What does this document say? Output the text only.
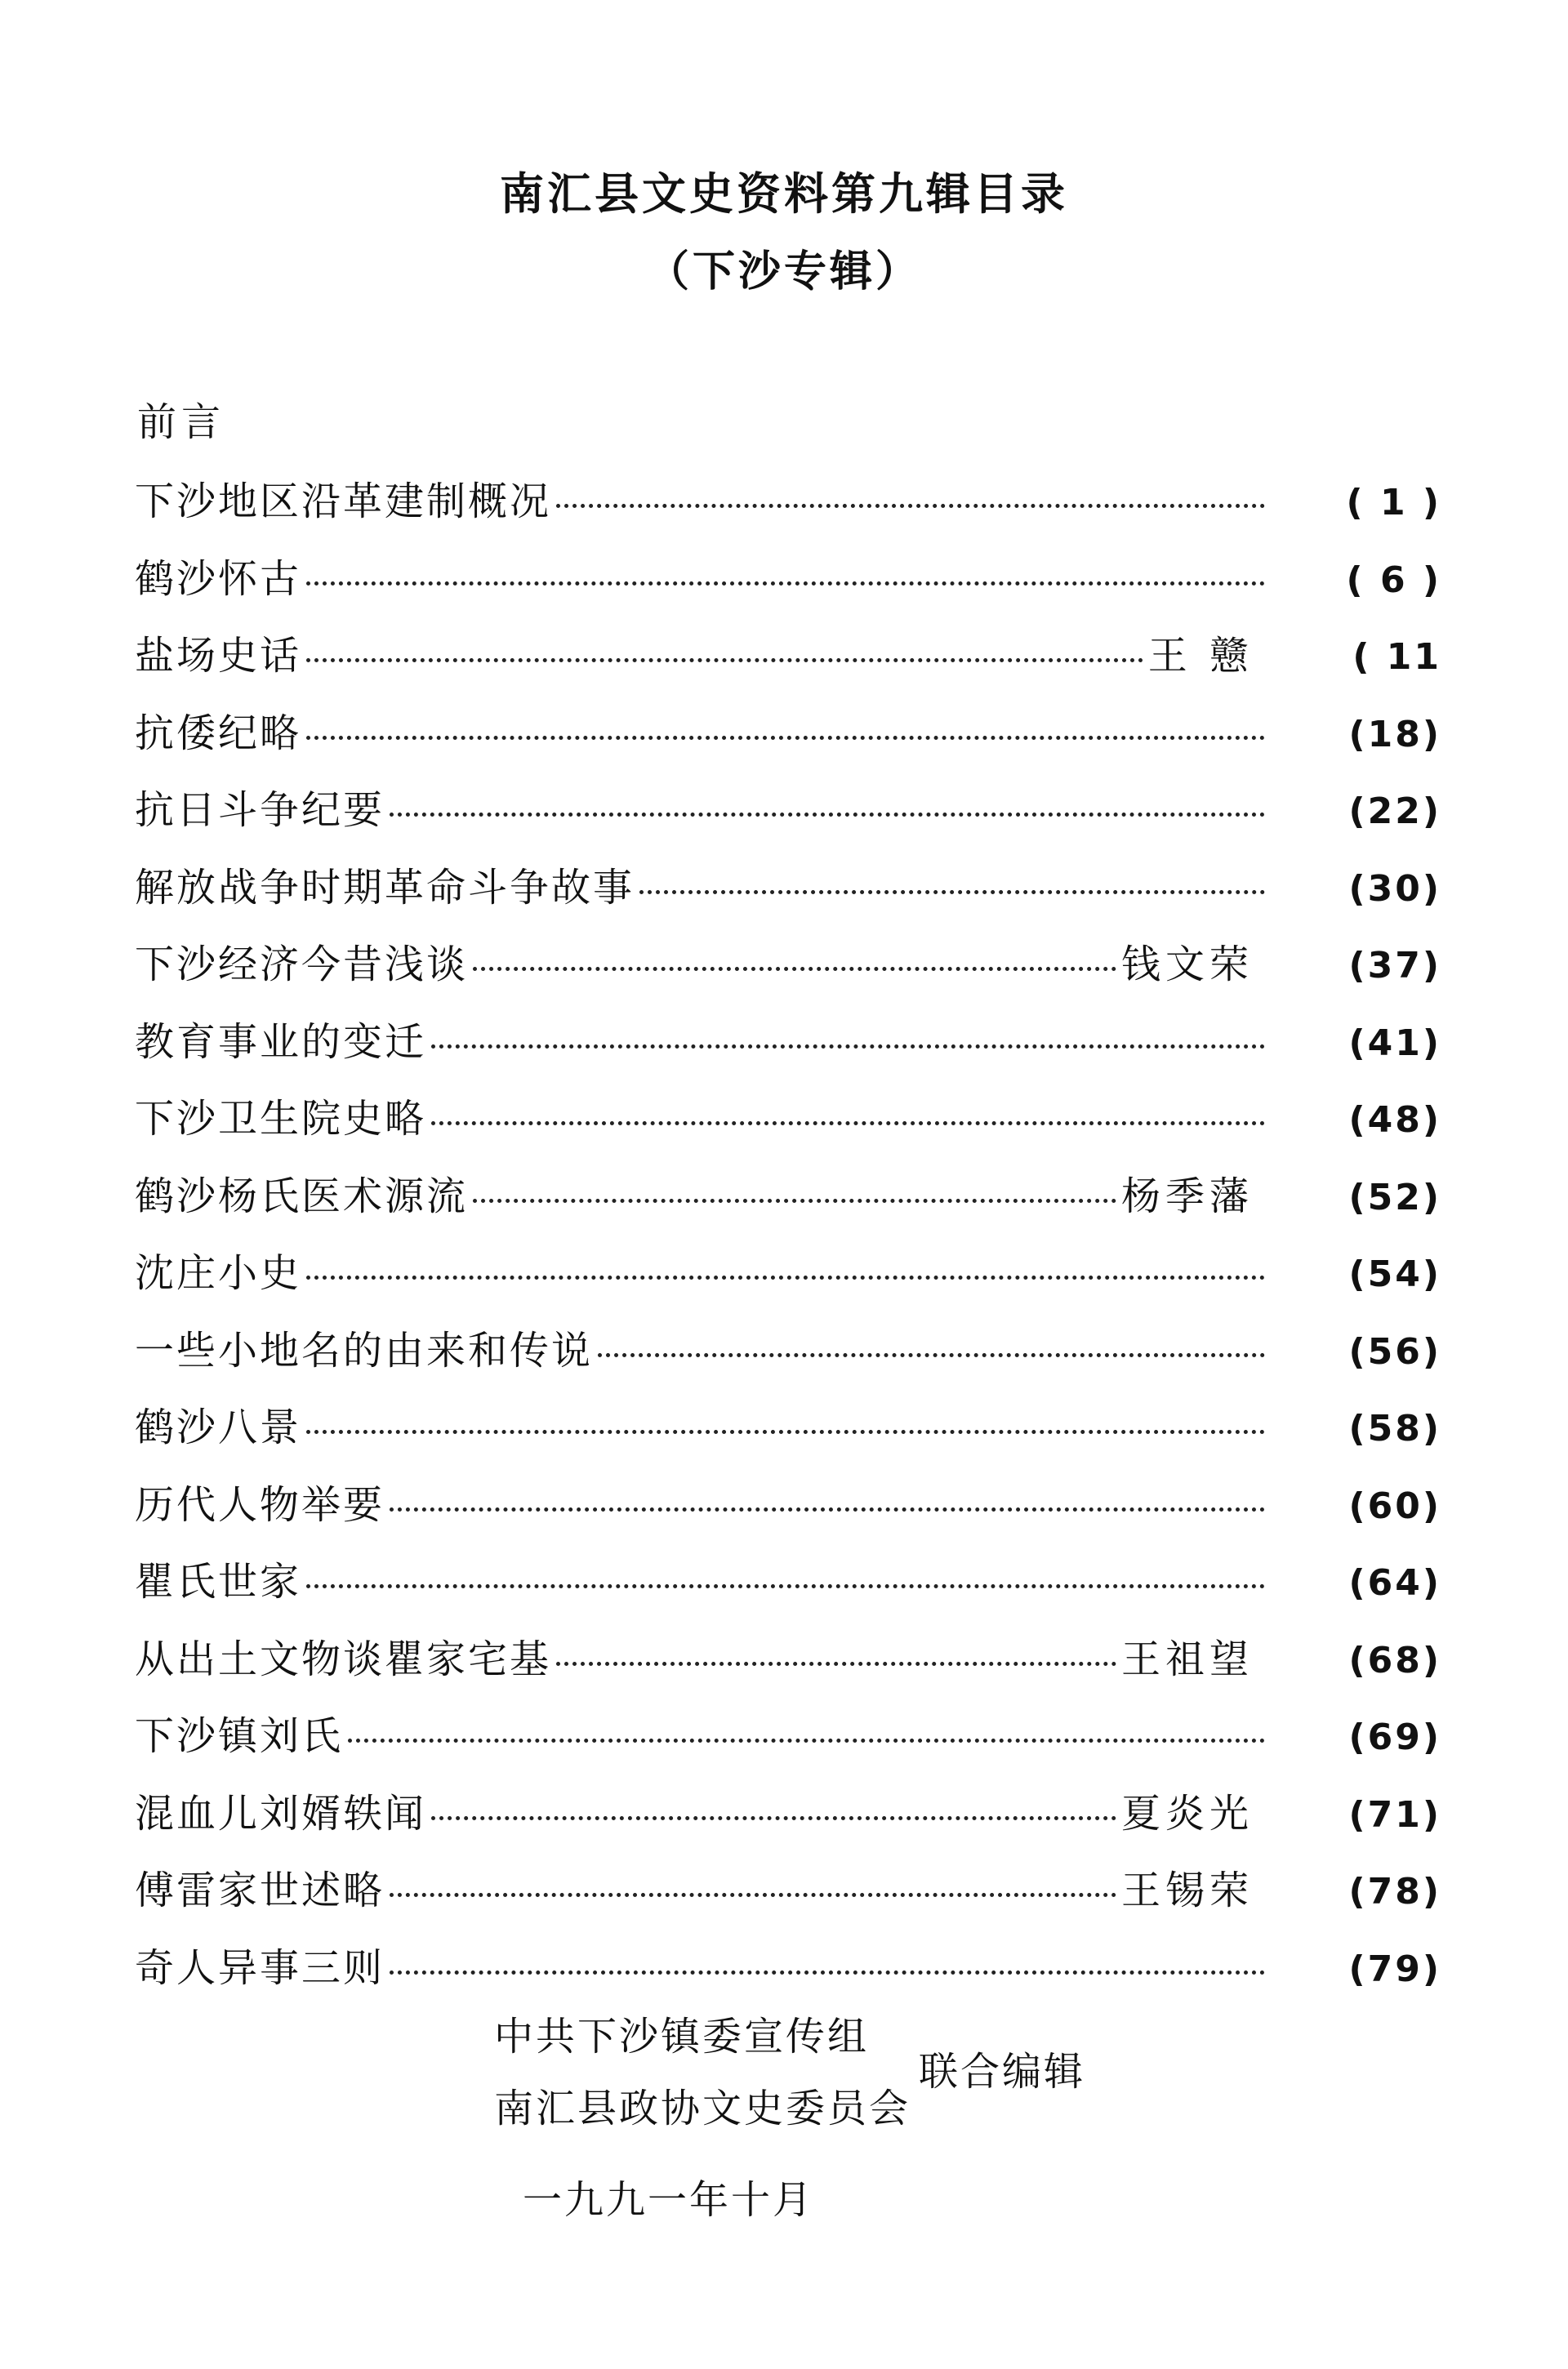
南汇县文史资料第九辑目录
（下沙专辑）
前言
下沙地区沿革建制概况	( 1 )
鹤沙怀古	( 6 )
盐场史话	王 戆	( 11
抗倭纪略	(18)
抗日斗争纪要	(22)
解放战争时期革命斗争故事	(30)
下沙经济今昔浅谈	钱文荣	(37)
教育事业的变迁	(41)
下沙卫生院史略	(48)
鹤沙杨氏医术源流	杨季藩	(52)
沈庄小史	(54)
一些小地名的由来和传说	(56)
鹤沙八景	(58)
历代人物举要	(60)
瞿氏世家	(64)
从出土文物谈瞿家宅基	王祖望	(68)
下沙镇刘氏	(69)
混血儿刘婿轶闻	夏炎光	(71)
傅雷家世述略	王锡荣	(78)
奇人异事三则	(79)
中共下沙镇委宣传组
南汇县政协文史委员会
联合编辑
一九九一年十月
